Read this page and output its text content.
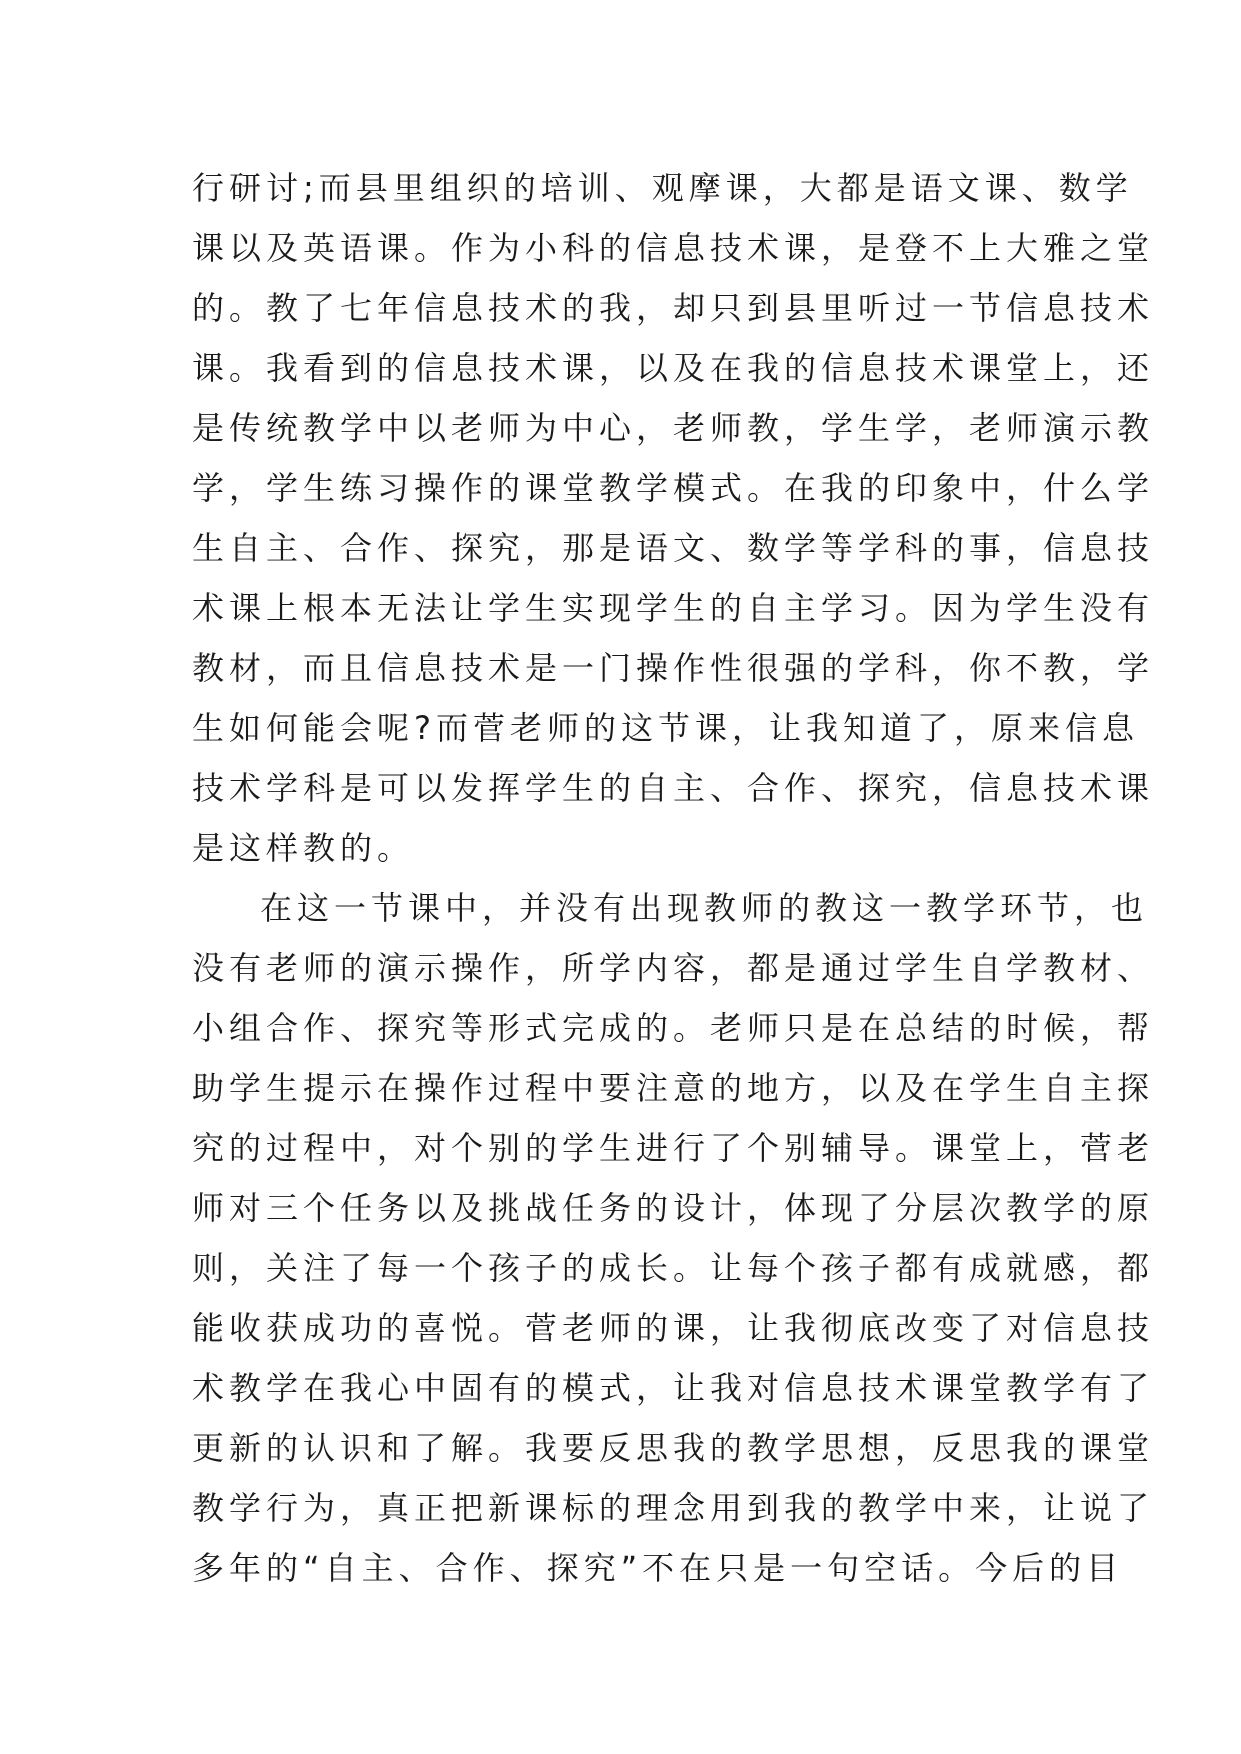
行研讨;而县里组织的培训、观摩课，大都是语文课、数学
课以及英语课。作为小科的信息技术课，是登不上大雅之堂
的。教了七年信息技术的我，却只到县里听过一节信息技术
课。我看到的信息技术课，以及在我的信息技术课堂上，还
是传统教学中以老师为中心，老师教，学生学，老师演示教
学，学生练习操作的课堂教学模式。在我的印象中，什么学
生自主、合作、探究，那是语文、数学等学科的事，信息技
术课上根本无法让学生实现学生的自主学习。因为学生没有
教材，而且信息技术是一门操作性很强的学科，你不教，学
生如何能会呢?而菅老师的这节课，让我知道了，原来信息
技术学科是可以发挥学生的自主、合作、探究，信息技术课
是这样教的。
在这一节课中，并没有出现教师的教这一教学环节，也
没有老师的演示操作，所学内容，都是通过学生自学教材、
小组合作、探究等形式完成的。老师只是在总结的时候，帮
助学生提示在操作过程中要注意的地方，以及在学生自主探
究的过程中，对个别的学生进行了个别辅导。课堂上，菅老
师对三个任务以及挑战任务的设计，体现了分层次教学的原
则，关注了每一个孩子的成长。让每个孩子都有成就感，都
能收获成功的喜悦。菅老师的课，让我彻底改变了对信息技
术教学在我心中固有的模式，让我对信息技术课堂教学有了
更新的认识和了解。我要反思我的教学思想，反思我的课堂
教学行为，真正把新课标的理念用到我的教学中来，让说了
多年的“自主、合作、探究”不在只是一句空话。今后的目
